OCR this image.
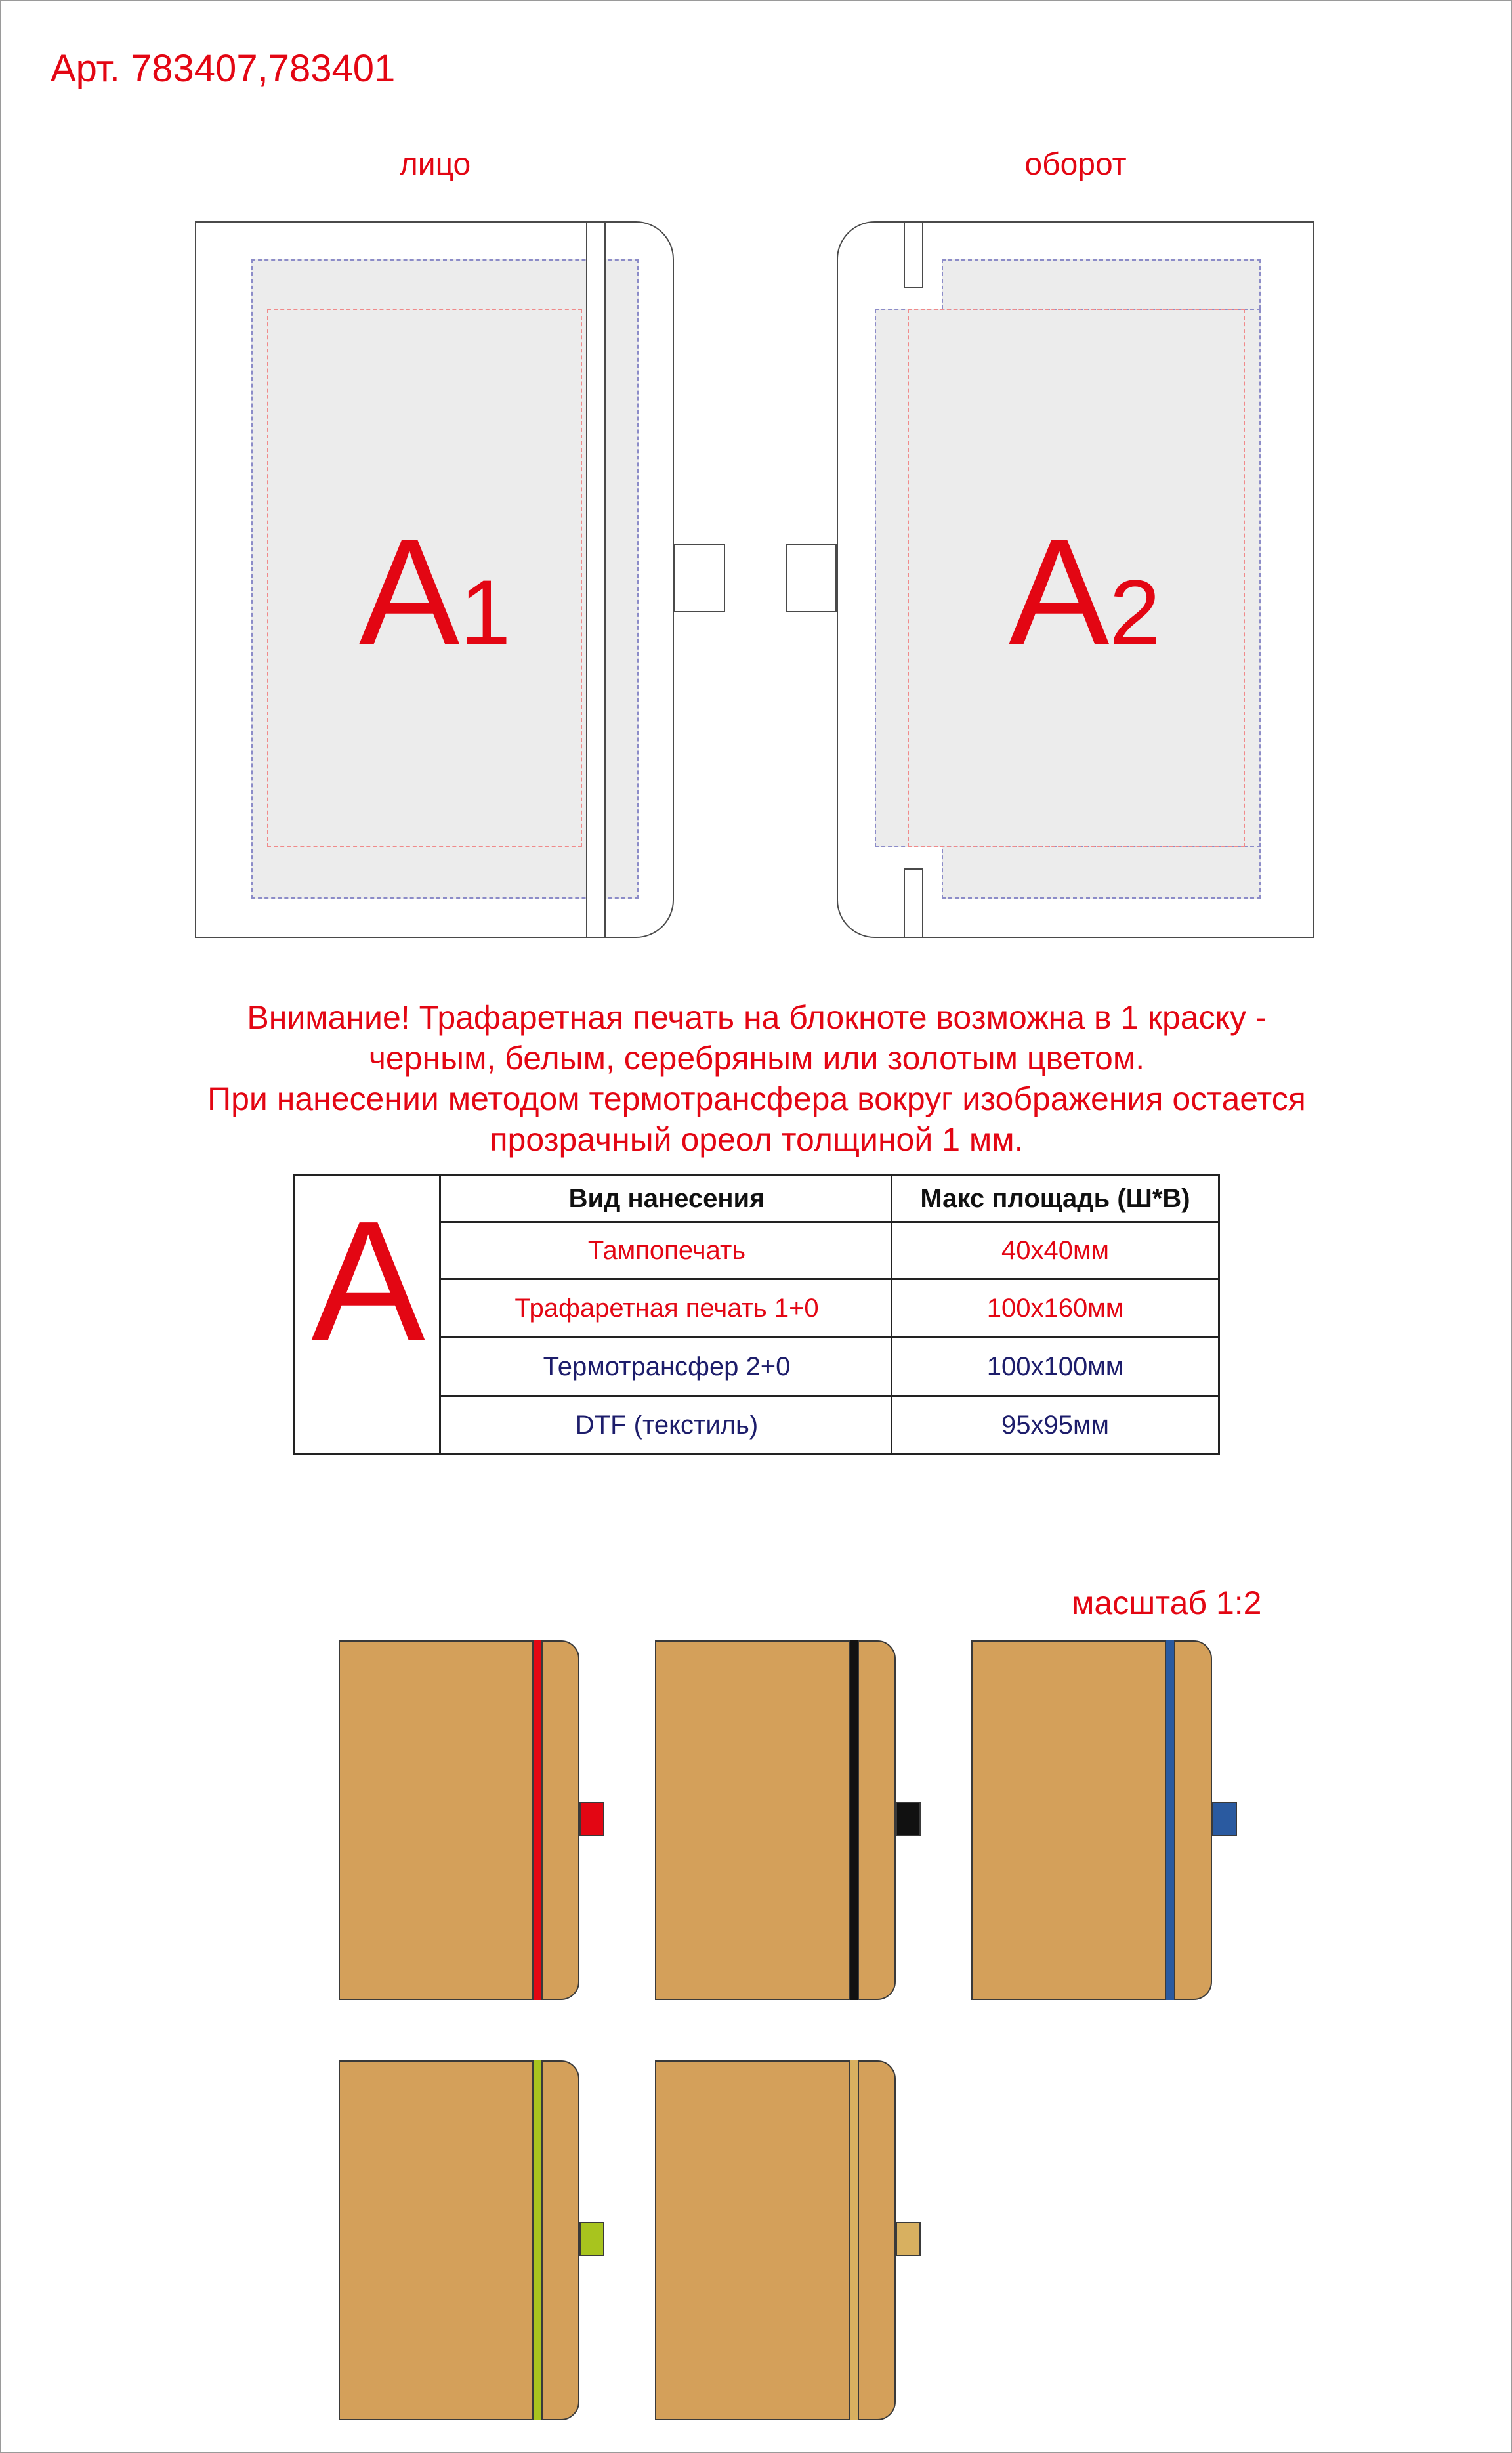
Арт. 783407,783401
лицо	оборот
A1	A2
Внимание! Трафаретная печать на блокноте возможна в 1 краску -
черным, белым, серебряным или золотым цветом.
При нанесении методом термотрансфера вокруг изображения остается
прозрачный ореол толщиной 1 мм.
A	Вид нанесения	Макс площадь (Ш*В)
Тампопечать	40x40мм
Трафаретная печать 1+0	100x160мм
Термотрансфер 2+0	100x100мм
DTF (текстиль)	95x95мм
масштаб 1:2
